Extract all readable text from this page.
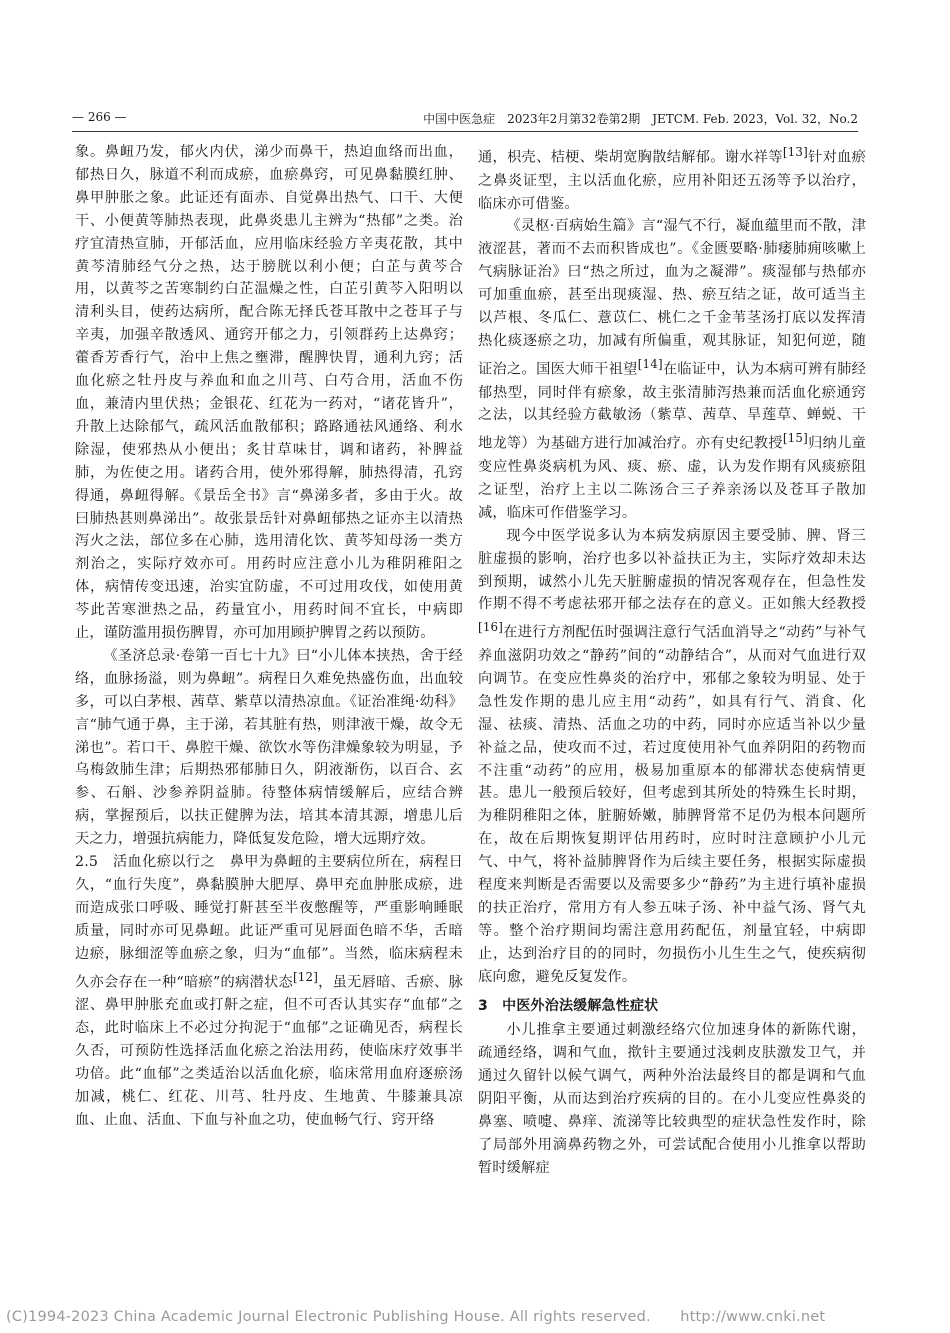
— 266 —	中国中医急症　2023年2月第32卷第2期　JETCM. Feb. 2023，Vol. 32，No.2

象。鼻衄乃发，郁火内伏，涕少而鼻干，热迫血络而出血，郁热日久，脉道不利而成瘀，血瘀鼻窍，可见鼻黏膜红肿、鼻甲肿胀之象。此证还有面赤、自觉鼻出热气、口干、大便干、小便黄等肺热表现，此鼻炎患儿主辨为“热郁”之类。治疗宜清热宣肺，开郁活血，应用临床经验方辛夷花散，其中黄芩清肺经气分之热，达于膀胱以利小便；白芷与黄芩合用，以黄芩之苦寒制约白芷温燥之性，白芷引黄芩入阳明以清利头目，使药达病所，配合陈无择氏苍耳散中之苍耳子与辛夷，加强辛散透风、通窍开郁之力，引领群药上达鼻窍；藿香芳香行气，治中上焦之壅滞，醒脾快胃，通利九窍；活血化瘀之牡丹皮与养血和血之川芎、白芍合用，活血不伤血，兼清内里伏热；金银花、红花为一药对，“诸花皆升”，升散上达除郁气，疏风活血散郁积；路路通祛风通络、利水除湿，使邪热从小便出；炙甘草味甘，调和诸药，补脾益肺，为佐使之用。诸药合用，使外邪得解，肺热得清，孔窍得通，鼻衄得解。《景岳全书》言“鼻涕多者，多由于火。故曰肺热甚则鼻涕出”。故张景岳针对鼻衄郁热之证亦主以清热泻火之法，部位多在心肺，选用清化饮、黄芩知母汤一类方剂治之，实际疗效亦可。用药时应注意小儿为稚阴稚阳之体，病情传变迅速，治实宜防虚，不可过用攻伐，如使用黄芩此苦寒泄热之品，药量宜小，用药时间不宜长，中病即止，谨防滥用损伤脾胃，亦可加用顾护脾胃之药以预防。

《圣济总录·卷第一百七十九》曰“小儿体本挟热，舍于经络，血脉扬溢，则为鼻衄”。病程日久难免热盛伤血，出血较多，可以白茅根、茜草、紫草以清热凉血。《证治准绳·幼科》言“肺气通于鼻，主于涕，若其脏有热，则津液干燥，故令无涕也”。若口干、鼻腔干燥、欲饮水等伤津燥象较为明显，予乌梅敛肺生津；后期热邪郁肺日久，阴液渐伤，以百合、玄参、石斛、沙参养阴益肺。待整体病情缓解后，应结合辨病，掌握预后，以扶正健脾为法，培其本清其源，增患儿后天之力，增强抗病能力，降低复发危险，增大远期疗效。

2.5　活血化瘀以行之　鼻甲为鼻衄的主要病位所在，病程日久，“血行失度”，鼻黏膜肿大肥厚、鼻甲充血肿胀成瘀，进而造成张口呼吸、睡觉打鼾甚至半夜憋醒等，严重影响睡眠质量，同时亦可见鼻衄。此证严重可见唇面色暗不华，舌暗边瘀，脉细涩等血瘀之象，归为“血郁”。当然，临床病程未久亦会存在一种“暗瘀”的病潜状态[12]，虽无唇暗、舌瘀、脉涩、鼻甲肿胀充血或打鼾之症，但不可否认其实存“血郁”之态，此时临床上不必过分拘泥于“血郁”之证确见否，病程长久否，可预防性选择活血化瘀之治法用药，使临床疗效事半功倍。此“血郁”之类适治以活血化瘀，临床常用血府逐瘀汤加减，桃仁、红花、川芎、牡丹皮、生地黄、牛膝兼具凉血、止血、活血、下血与补血之功，使血畅气行、窍开络

通，枳壳、桔梗、柴胡宽胸散结解郁。谢水祥等[13]针对血瘀之鼻炎证型，主以活血化瘀，应用补阳还五汤等予以治疗，临床亦可借鉴。

《灵枢·百病始生篇》言“湿气不行，凝血蕴里而不散，津液涩甚，著而不去而积皆成也”。《金匮要略·肺痿肺痈咳嗽上气病脉证治》曰“热之所过，血为之凝滞”。痰湿郁与热郁亦可加重血瘀，甚至出现痰湿、热、瘀互结之证，故可适当主以芦根、冬瓜仁、薏苡仁、桃仁之千金苇茎汤打底以发挥清热化痰逐瘀之功，加减有所偏重，观其脉证，知犯何逆，随证治之。国医大师干祖望[14]在临证中，认为本病可辨有肺经郁热型，同时伴有瘀象，故主张清肺泻热兼而活血化瘀通窍之法，以其经验方截敏汤（紫草、茜草、旱莲草、蝉蜕、干地龙等）为基础方进行加减治疗。亦有史纪教授[15]归纳儿童变应性鼻炎病机为风、痰、瘀、虚，认为发作期有风痰瘀阻之证型，治疗上主以二陈汤合三子养亲汤以及苍耳子散加减，临床可作借鉴学习。

现今中医学说多认为本病发病原因主要受肺、脾、肾三脏虚损的影响，治疗也多以补益扶正为主，实际疗效却未达到预期，诚然小儿先天脏腑虚损的情况客观存在，但急性发作期不得不考虑祛邪开郁之法存在的意义。正如熊大经教授[16]在进行方剂配伍时强调注意行气活血消导之“动药”与补气养血滋阴功效之“静药”间的“动静结合”，从而对气血进行双向调节。在变应性鼻炎的治疗中，邪郁之象较为明显、处于急性发作期的患儿应主用“动药”，如具有行气、消食、化湿、祛痰、清热、活血之功的中药，同时亦应适当补以少量补益之品，使攻而不过，若过度使用补气血养阴阳的药物而不注重“动药”的应用，极易加重原本的郁滞状态使病情更甚。患儿一般预后较好，但考虑到其所处的特殊生长时期，为稚阴稚阳之体，脏腑娇嫩，肺脾肾常不足仍为根本问题所在，故在后期恢复期评估用药时，应时时注意顾护小儿元气、中气，将补益肺脾肾作为后续主要任务，根据实际虚损程度来判断是否需要以及需要多少“静药”为主进行填补虚损的扶正治疗，常用方有人参五味子汤、补中益气汤、肾气丸等。整个治疗期间均需注意用药配伍，剂量宜轻，中病即止，达到治疗目的的同时，勿损伤小儿生生之气，使疾病彻底向愈，避免反复发作。

3　中医外治法缓解急性症状

小儿推拿主要通过刺激经络穴位加速身体的新陈代谢，疏通经络，调和气血，揿针主要通过浅刺皮肤激发卫气，并通过久留针以候气调气，两种外治法最终目的都是调和气血阴阳平衡，从而达到治疗疾病的目的。在小儿变应性鼻炎的鼻塞、喷嚏、鼻痒、流涕等比较典型的症状急性发作时，除了局部外用滴鼻药物之外，可尝试配合使用小儿推拿以帮助暂时缓解症

(C)1994-2023 China Academic Journal Electronic Publishing House. All rights reserved.　　http://www.cnki.net
